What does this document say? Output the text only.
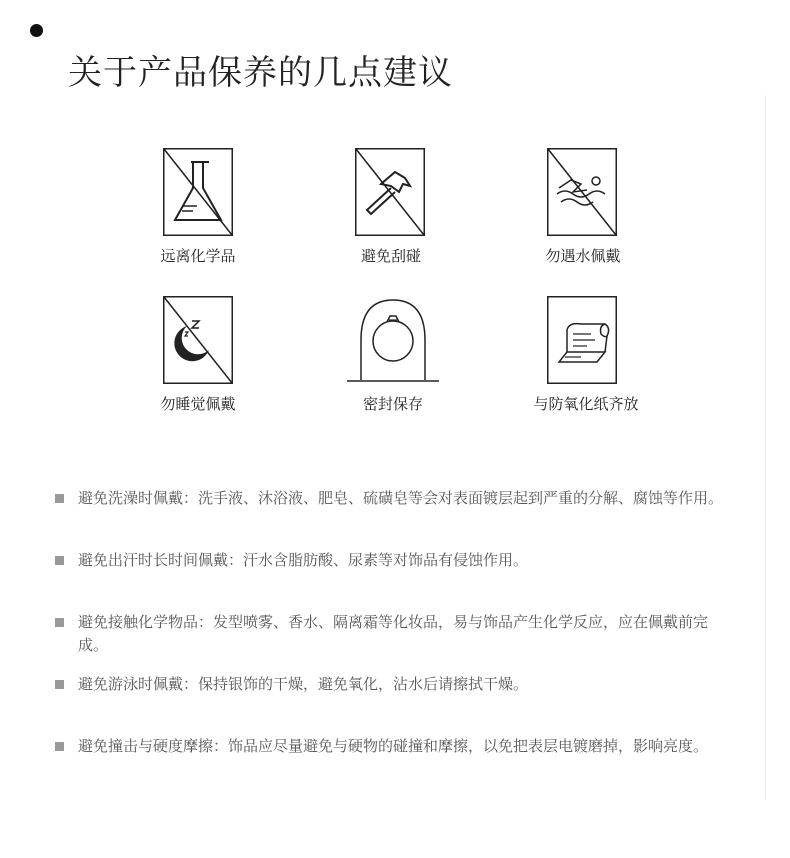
关于产品保养的几点建议
远离化学品	避免刮碰	勿遇水佩戴
勿睡觉佩戴	密封保存	与防氧化纸齐放
避免洗澡时佩戴：洗手液、沐浴液、肥皂、硫磺皂等会对表面镀层起到严重的分解、腐蚀等作用。
避免出汗时长时间佩戴：汗水含脂肪酸、尿素等对饰品有侵蚀作用。
避免接触化学物品：发型喷雾、香水、隔离霜等化妆品，易与饰品产生化学反应，应在佩戴前完成。
避免游泳时佩戴：保持银饰的干燥，避免氧化，沾水后请擦拭干燥。
避免撞击与硬度摩擦：饰品应尽量避免与硬物的碰撞和摩擦，以免把表层电镀磨掉，影响亮度。
